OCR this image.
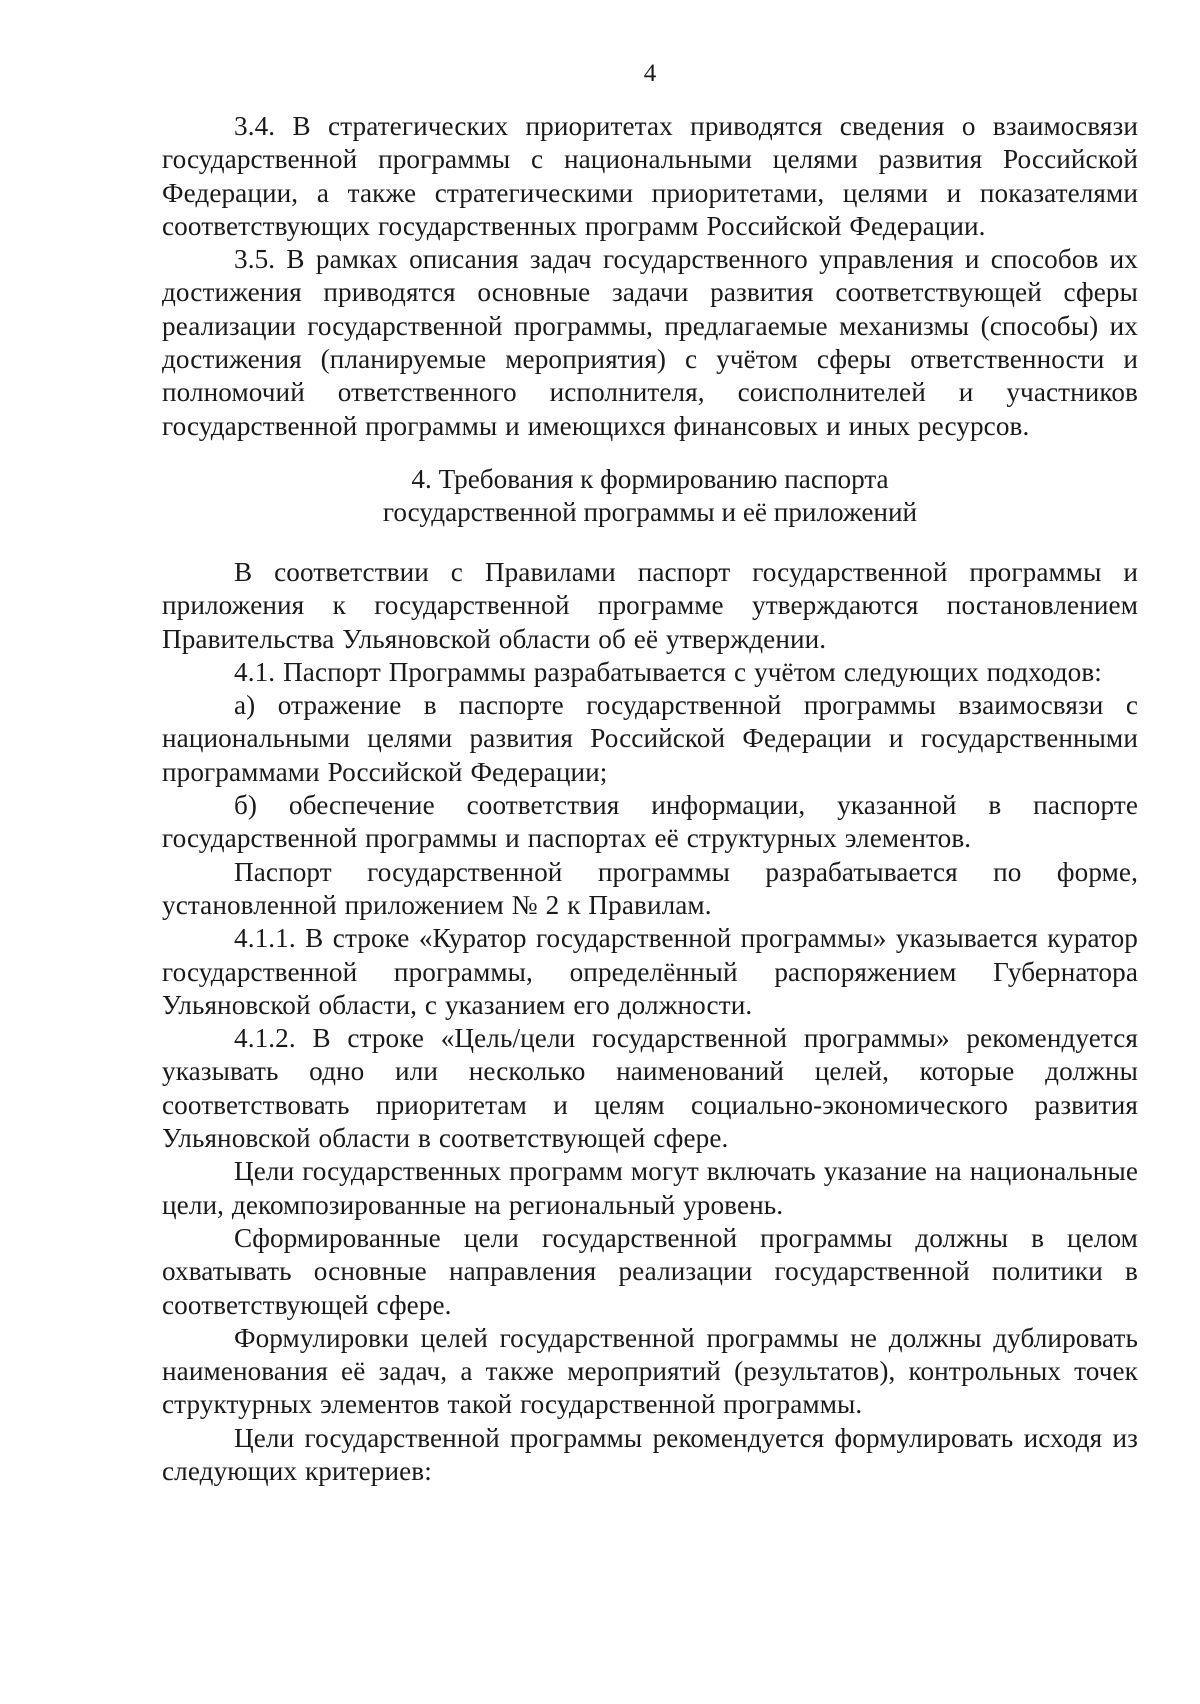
4

3.4. В стратегических приоритетах приводятся сведения о взаимосвязи государственной программы с национальными целями развития Российской Федерации, а также стратегическими приоритетами, целями и показателями соответствующих государственных программ Российской Федерации.

3.5. В рамках описания задач государственного управления и способов их достижения приводятся основные задачи развития соответствующей сферы реализации государственной программы, предлагаемые механизмы (способы) их достижения (планируемые мероприятия) с учётом сферы ответственности и полномочий ответственного исполнителя, соисполнителей и участников государственной программы и имеющихся финансовых и иных ресурсов.

4. Требования к формированию паспорта
государственной программы и её приложений

В соответствии с Правилами паспорт государственной программы и приложения к государственной программе утверждаются постановлением Правительства Ульяновской области об её утверждении.

4.1. Паспорт Программы разрабатывается с учётом следующих подходов:

а) отражение в паспорте государственной программы взаимосвязи с национальными целями развития Российской Федерации и государственными программами Российской Федерации;

б) обеспечение соответствия информации, указанной в паспорте государственной программы и паспортах её структурных элементов.

Паспорт государственной программы разрабатывается по форме, установленной приложением № 2 к Правилам.

4.1.1. В строке «Куратор государственной программы» указывается куратор государственной программы, определённый распоряжением Губернатора Ульяновской области, с указанием его должности.

4.1.2. В строке «Цель/цели государственной программы» рекомендуется указывать одно или несколько наименований целей, которые должны соответствовать приоритетам и целям социально-экономического развития Ульяновской области в соответствующей сфере.

Цели государственных программ могут включать указание на национальные цели, декомпозированные на региональный уровень.

Сформированные цели государственной программы должны в целом охватывать основные направления реализации государственной политики в соответствующей сфере.

Формулировки целей государственной программы не должны дублировать наименования её задач, а также мероприятий (результатов), контрольных точек структурных элементов такой государственной программы.

Цели государственной программы рекомендуется формулировать исходя из следующих критериев:
